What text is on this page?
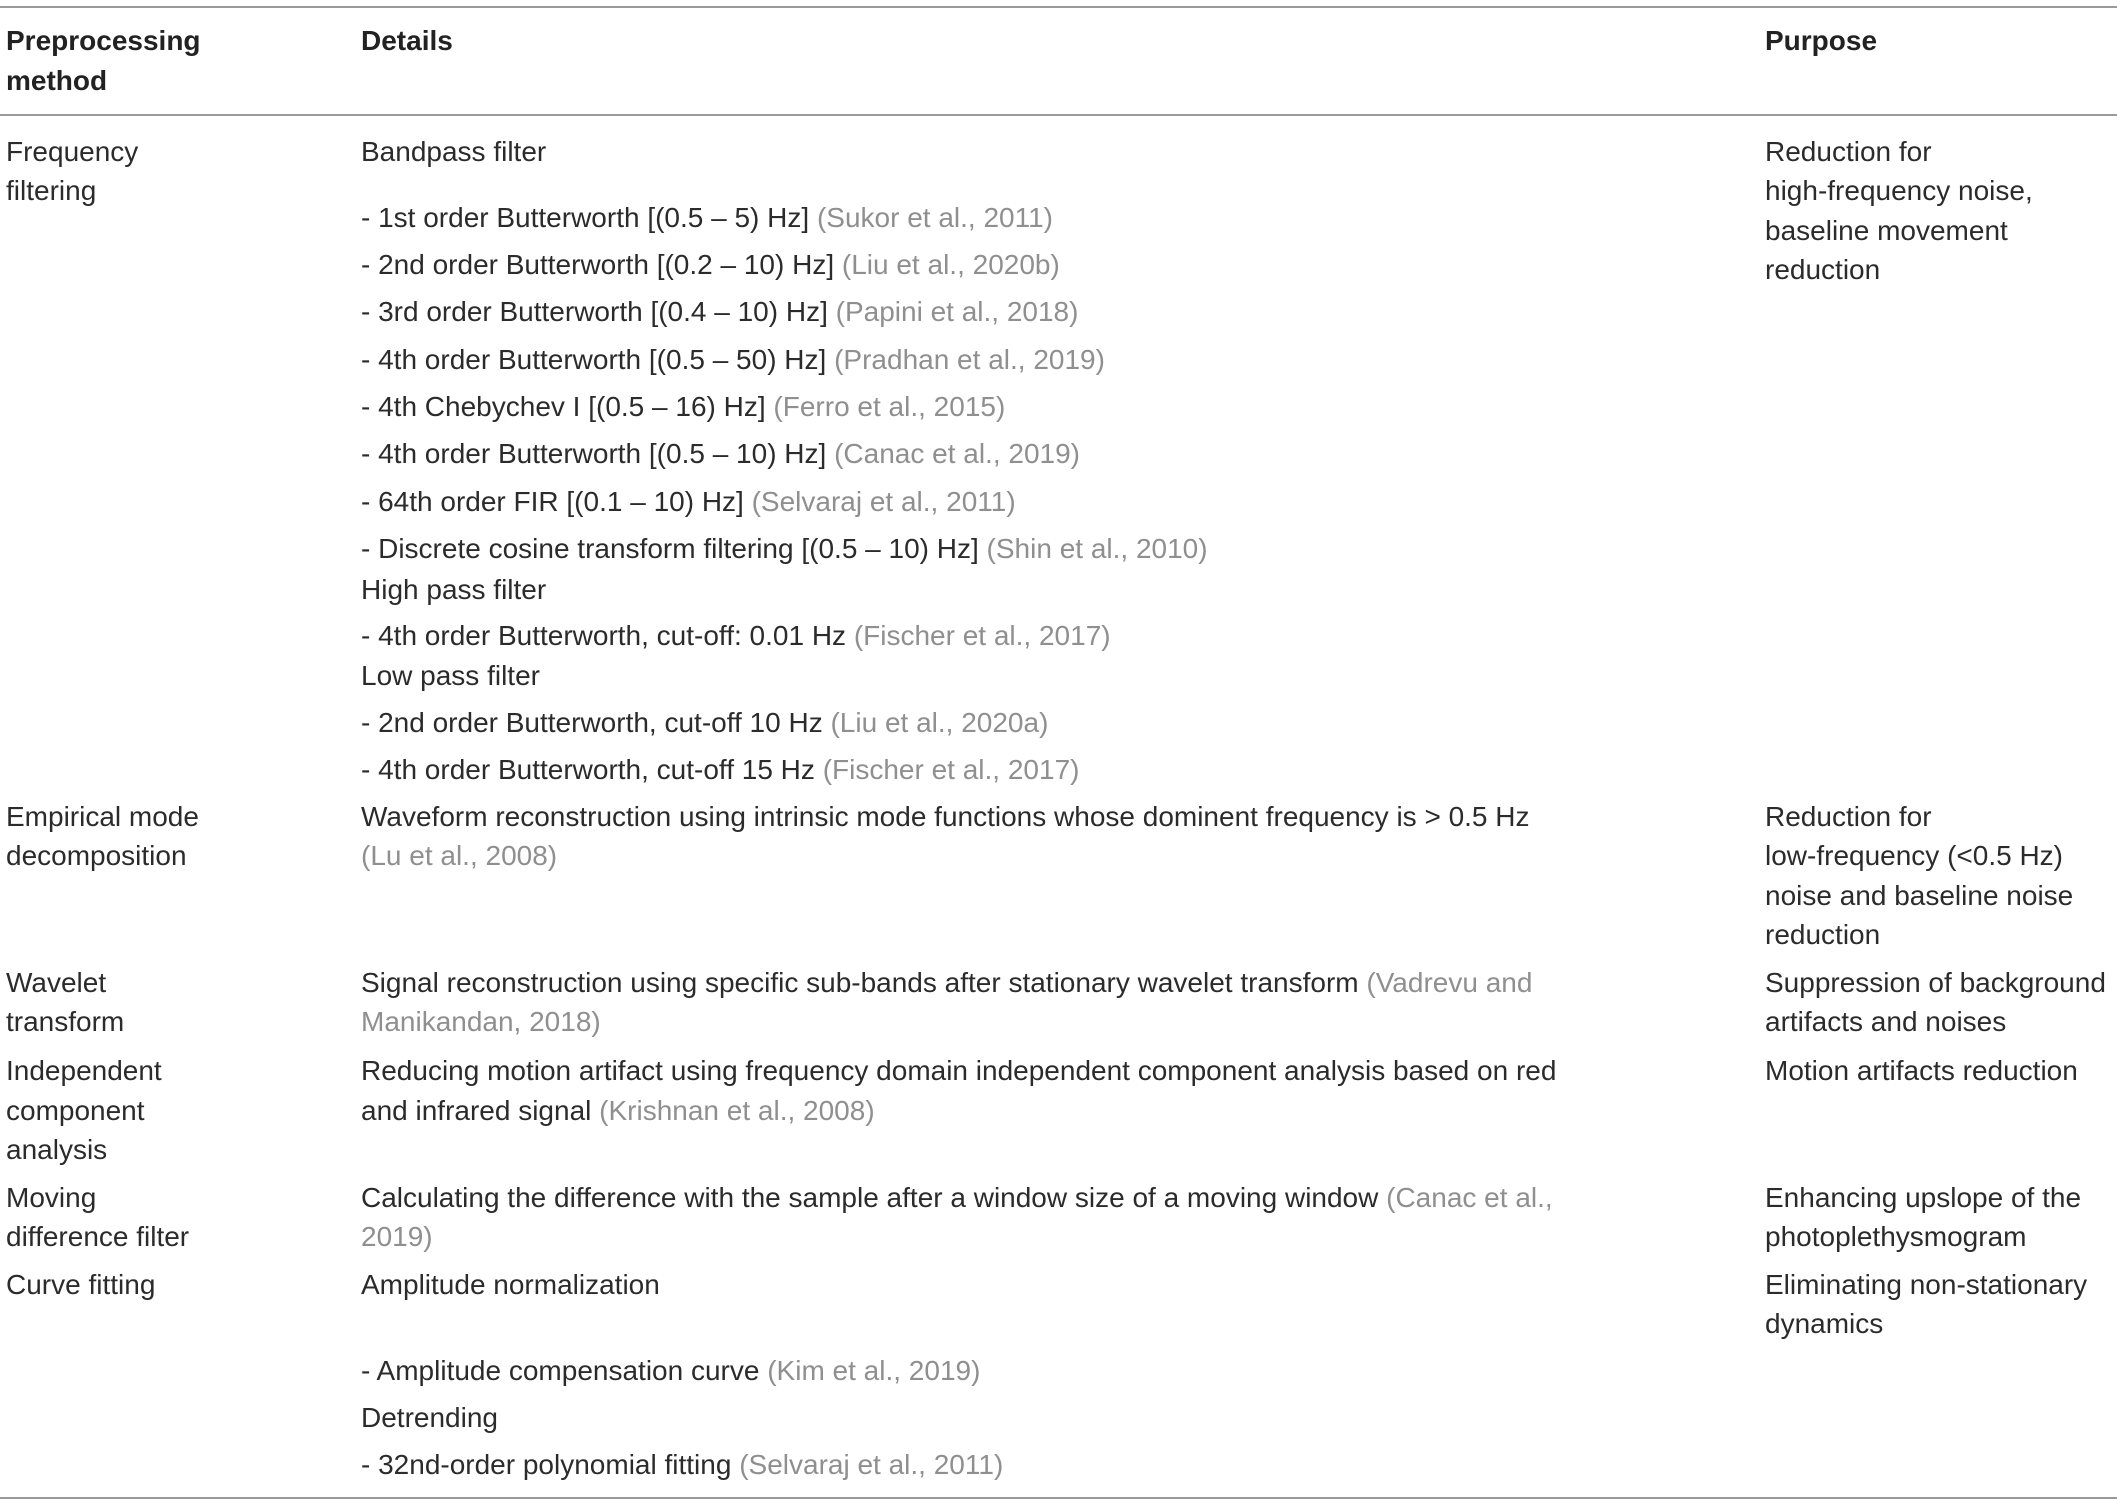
Preprocessing
method
Details	Purpose
Frequency
filtering
Bandpass filter
- 1st order Butterworth [(0.5 – 5) Hz] (Sukor et al., 2011)
- 2nd order Butterworth [(0.2 – 10) Hz] (Liu et al., 2020b)
- 3rd order Butterworth [(0.4 – 10) Hz] (Papini et al., 2018)
- 4th order Butterworth [(0.5 – 50) Hz] (Pradhan et al., 2019)
- 4th Chebychev I [(0.5 – 16) Hz] (Ferro et al., 2015)
- 4th order Butterworth [(0.5 – 10) Hz] (Canac et al., 2019)
- 64th order FIR [(0.1 – 10) Hz] (Selvaraj et al., 2011)
- Discrete cosine transform filtering [(0.5 – 10) Hz] (Shin et al., 2010)
High pass filter
- 4th order Butterworth, cut-off: 0.01 Hz (Fischer et al., 2017)
Low pass filter
- 2nd order Butterworth, cut-off 10 Hz (Liu et al., 2020a)
- 4th order Butterworth, cut-off 15 Hz (Fischer et al., 2017)
Reduction for
high-frequency noise,
baseline movement
reduction
Empirical mode
decomposition
Waveform reconstruction using intrinsic mode functions whose dominent frequency is > 0.5 Hz
(Lu et al., 2008)
Reduction for
low-frequency (<0.5 Hz)
noise and baseline noise
reduction
Wavelet
transform
Signal reconstruction using specific sub-bands after stationary wavelet transform (Vadrevu and
Manikandan, 2018)
Suppression of background
artifacts and noises
Independent
component
analysis
Reducing motion artifact using frequency domain independent component analysis based on red
and infrared signal (Krishnan et al., 2008)
Motion artifacts reduction
Moving
difference filter
Calculating the difference with the sample after a window size of a moving window (Canac et al.,
2019)
Enhancing upslope of the
photoplethysmogram
Curve fitting	Amplitude normalization
- Amplitude compensation curve (Kim et al., 2019)
Detrending
- 32nd-order polynomial fitting (Selvaraj et al., 2011)
Eliminating non-stationary
dynamics
